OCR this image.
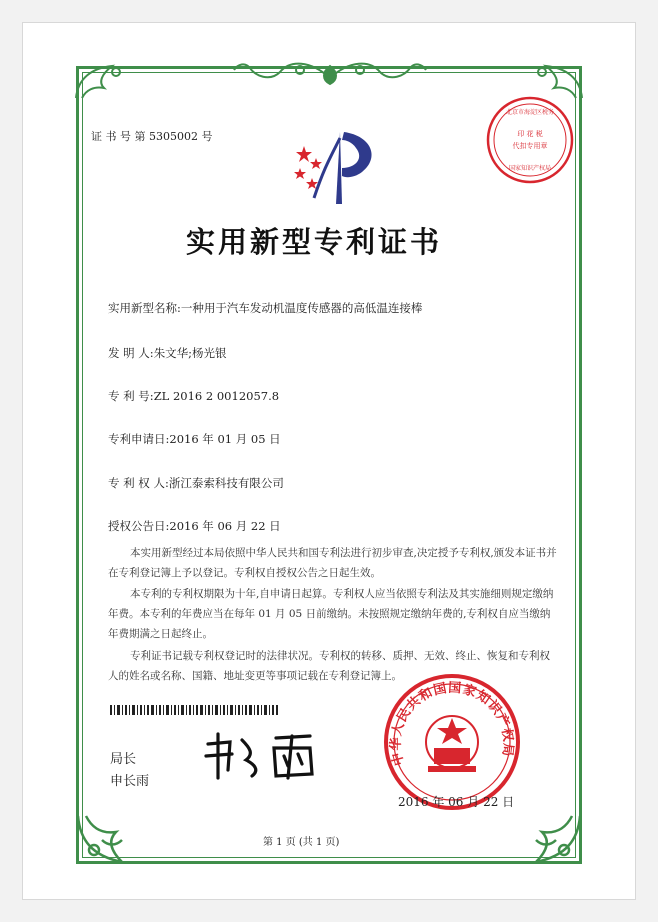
印 花 税
代扣专用章
北京市海淀区税务
国家知识产权局
证 书 号 第 5305002 号
实用新型专利证书
实用新型名称:一种用于汽车发动机温度传感器的高低温连接棒
发 明 人:朱文华;杨光银
专 利 号:ZL 2016 2 0012057.8
专利申请日:2016 年 01 月 05 日
专 利 权 人:浙江泰索科技有限公司
授权公告日:2016 年 06 月 22 日
本实用新型经过本局依照中华人民共和国专利法进行初步审查,决定授予专利权,颁发本证书并在专利登记簿上予以登记。专利权自授权公告之日起生效。
本专利的专利权期限为十年,自申请日起算。专利权人应当依照专利法及其实施细则规定缴纳年费。本专利的年费应当在每年 01 月 05 日前缴纳。未按照规定缴纳年费的,专利权自应当缴纳年费期满之日起终止。
专利证书记载专利权登记时的法律状况。专利权的转移、质押、无效、终止、恢复和专利权人的姓名或名称、国籍、地址变更等事项记载在专利登记簿上。
局长
申长雨
中华人民共和国国家知识产权局
2016 年 06 月 22 日
第 1 页 (共 1 页)
